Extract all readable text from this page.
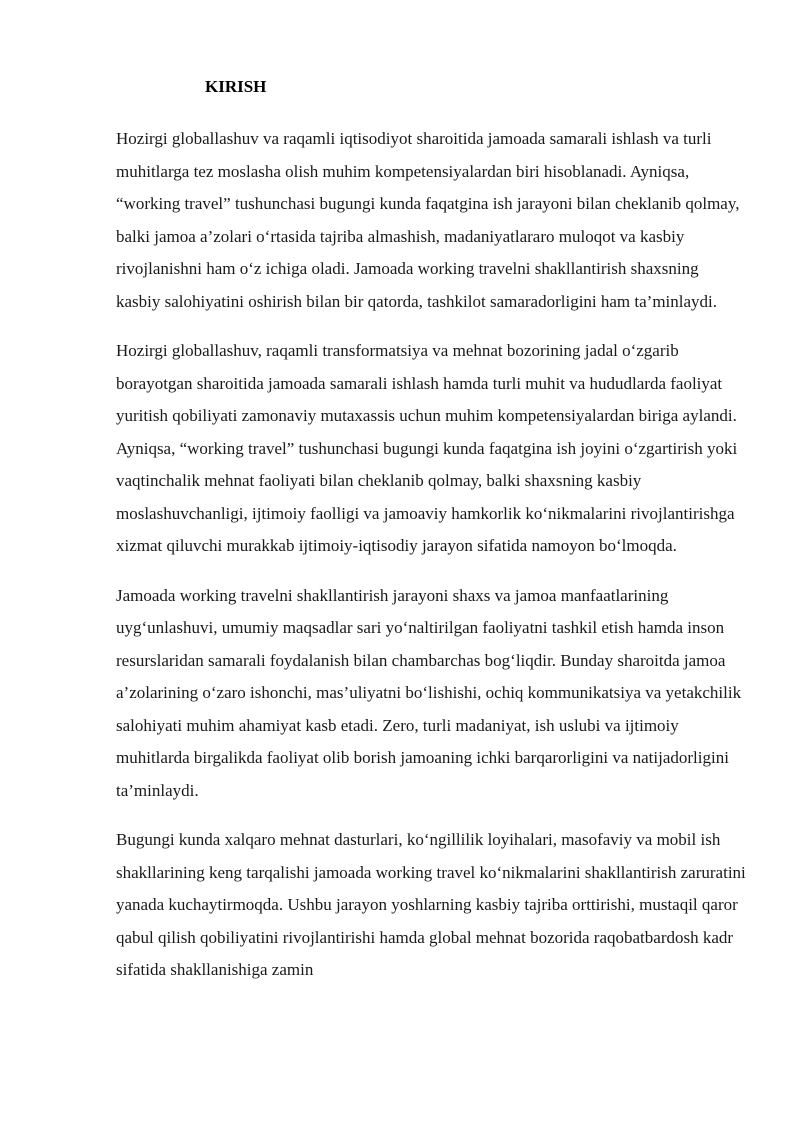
KIRISH

Hozirgi globallashuv va raqamli iqtisodiyot sharoitida jamoada samarali ishlash va turli muhitlarga tez moslasha olish muhim kompetensiyalardan biri hisoblanadi. Ayniqsa, “working travel” tushunchasi bugungi kunda faqatgina ish jarayoni bilan cheklanib qolmay, balki jamoa a’zolari o‘rtasida tajriba almashish, madaniyatlararo muloqot va kasbiy rivojlanishni ham o‘z ichiga oladi. Jamoada working travelni shakllantirish shaxsning kasbiy salohiyatini oshirish bilan bir qatorda, tashkilot samaradorligini ham ta’minlaydi.

Hozirgi globallashuv, raqamli transformatsiya va mehnat bozorining jadal o‘zgarib borayotgan sharoitida jamoada samarali ishlash hamda turli muhit va hududlarda faoliyat yuritish qobiliyati zamonaviy mutaxassis uchun muhim kompetensiyalardan biriga aylandi. Ayniqsa, “working travel” tushunchasi bugungi kunda faqatgina ish joyini o‘zgartirish yoki vaqtinchalik mehnat faoliyati bilan cheklanib qolmay, balki shaxsning kasbiy moslashuvchanligi, ijtimoiy faolligi va jamoaviy hamkorlik ko‘nikmalarini rivojlantirishga xizmat qiluvchi murakkab ijtimoiy-iqtisodiy jarayon sifatida namoyon bo‘lmoqda.

Jamoada working travelni shakllantirish jarayoni shaxs va jamoa manfaatlarining uyg‘unlashuvi, umumiy maqsadlar sari yo‘naltirilgan faoliyatni tashkil etish hamda inson resurslaridan samarali foydalanish bilan chambarchas bog‘liqdir. Bunday sharoitda jamoa a’zolarining o‘zaro ishonchi, mas’uliyatni bo‘lishishi, ochiq kommunikatsiya va yetakchilik salohiyati muhim ahamiyat kasb etadi. Zero, turli madaniyat, ish uslubi va ijtimoiy muhitlarda birgalikda faoliyat olib borish jamoaning ichki barqarorligini va natijadorligini ta’minlaydi.

Bugungi kunda xalqaro mehnat dasturlari, ko‘ngillilik loyihalari, masofaviy va mobil ish shakllarining keng tarqalishi jamoada working travel ko‘nikmalarini shakllantirish zaruratini yanada kuchaytirmoqda. Ushbu jarayon yoshlarning kasbiy tajriba orttirishi, mustaqil qaror qabul qilish qobiliyatini rivojlantirishi hamda global mehnat bozorida raqobatbardosh kadr sifatida shakllanishiga zamin
